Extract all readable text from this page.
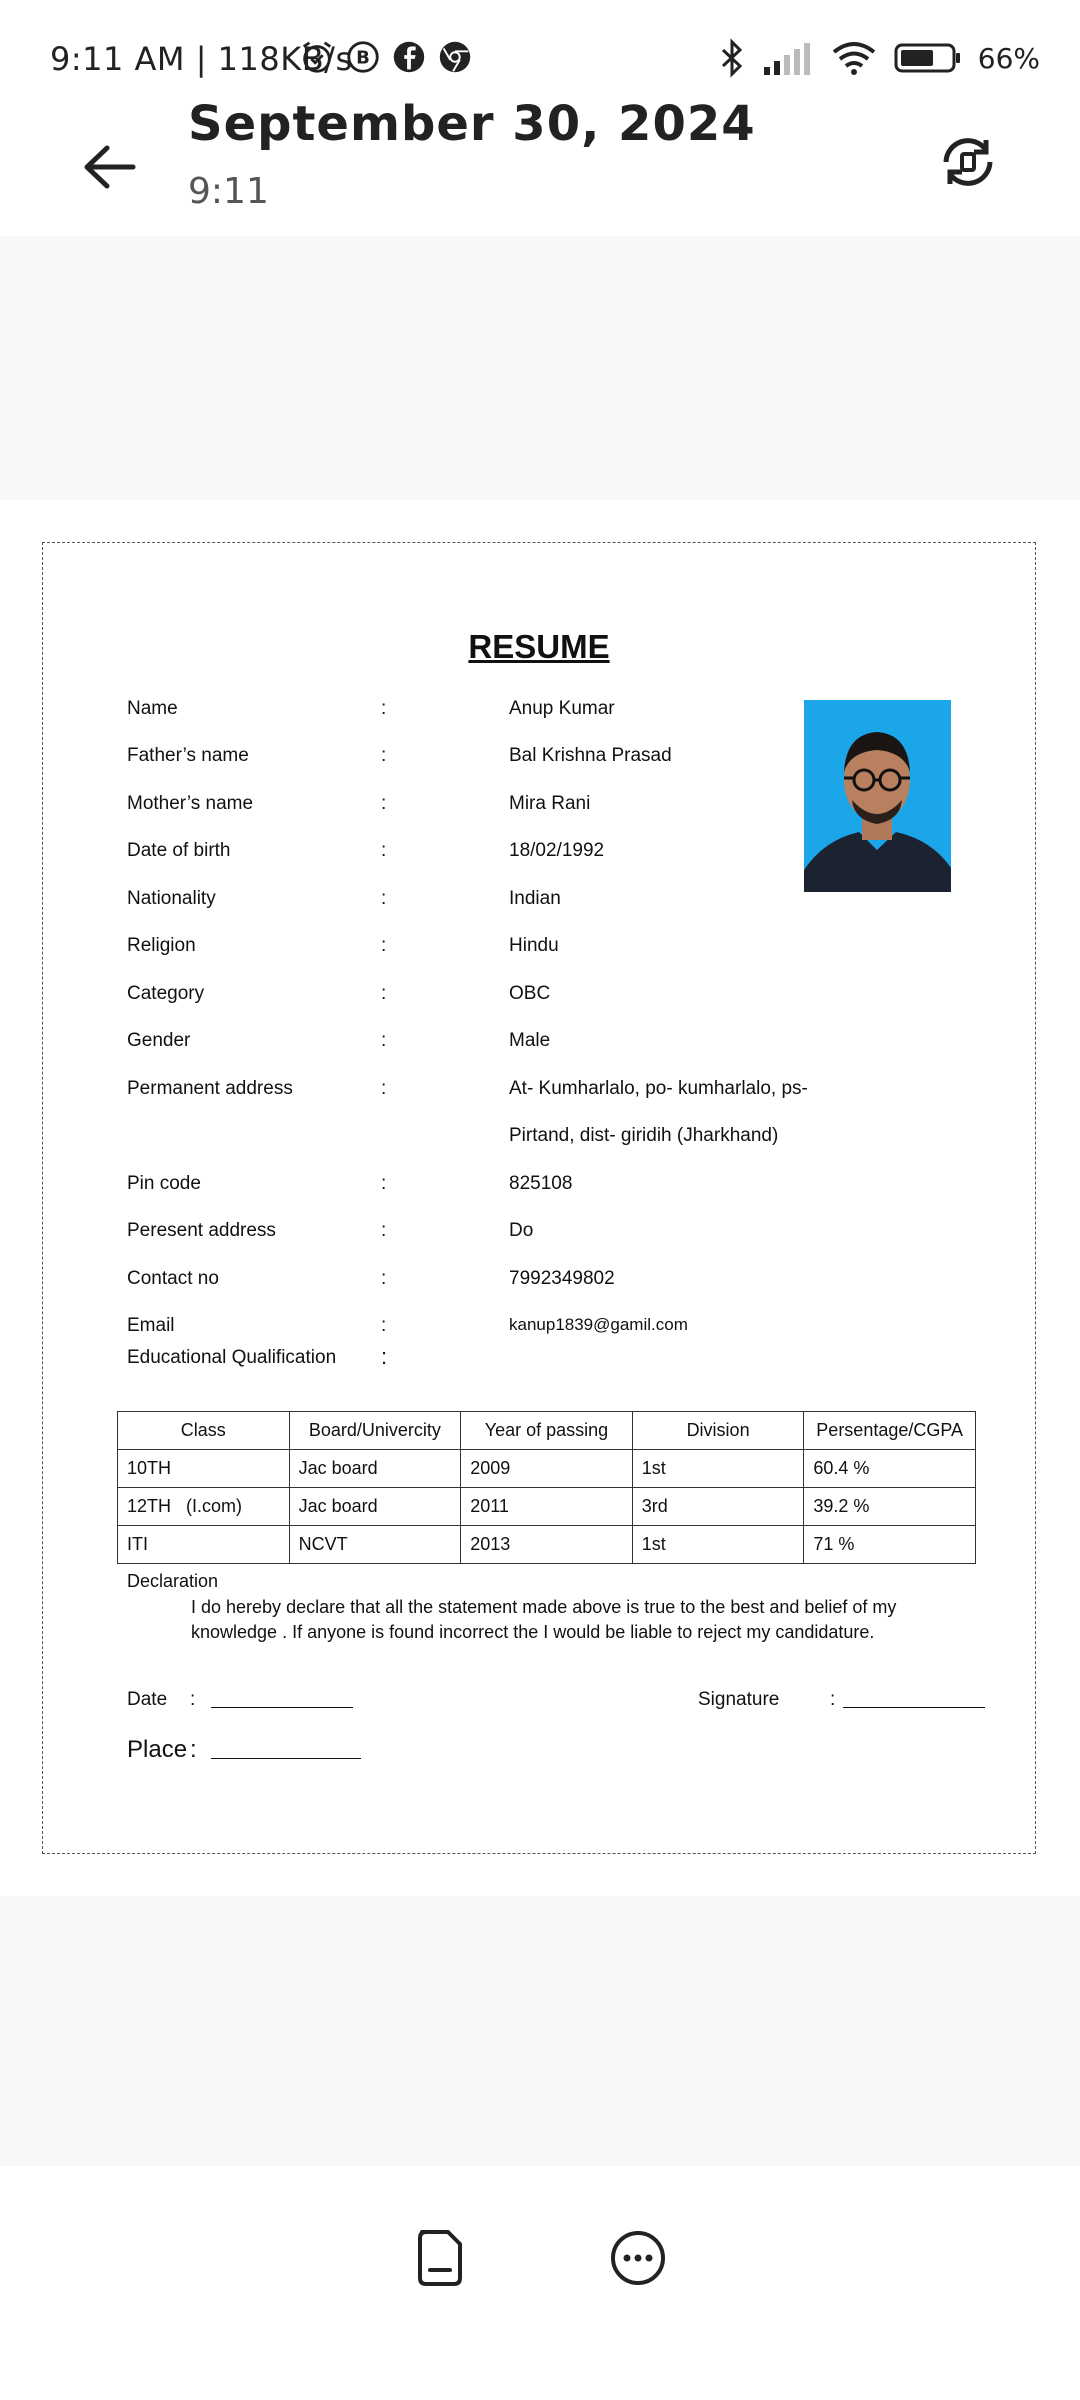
9:11 AM | 118KB/s B	66%
September 30, 2024
9:11
RESUME
Name	:	Anup Kumar
Father’s name	:	Bal Krishna Prasad
Mother’s name	:	Mira Rani
Date of birth	:	18/02/1992
Nationality	:	Indian
Religion	:	Hindu
Category	:	OBC
Gender	:	Male
Permanent address	:	At- Kumharlalo, po- kumharlalo, ps-
Pirtand, dist- giridih (Jharkhand)
Pin code	:	825108
Peresent address	:	Do
Contact no	:	7992349802
Email	:	kanup1839@gamil.com
Educational Qualification :
Class	Board/Univercity	Year of passing	Division	Persentage/CGPA
10TH	Jac board	2009	1st	60.4 %
12TH   (I.com)	Jac board	2011	3rd	39.2 %
ITI	NCVT	2013	1st	71 %
Declaration
I do hereby declare that all the statement made above is true to the best and belief of my knowledge . If anyone is found incorrect the I would be liable to reject my candidature.
Date :	Signature	:
Place :
